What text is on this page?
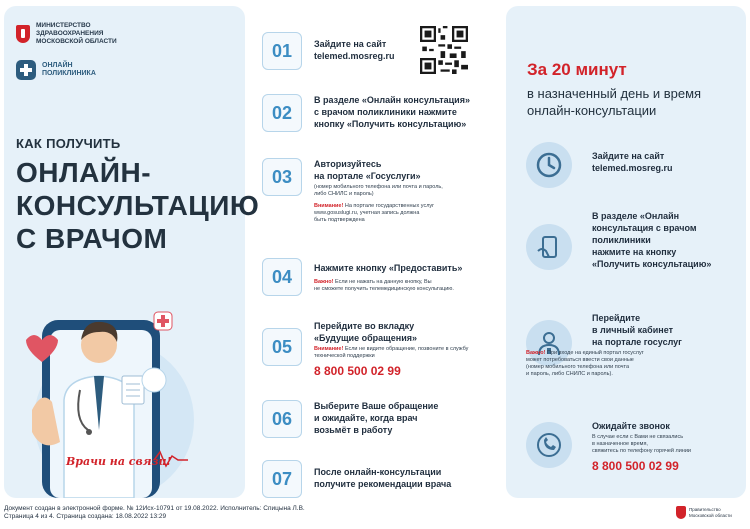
МИНИСТЕРСТВО
ЗДРАВООХРАНЕНИЯ
МОСКОВСКОЙ ОБЛАСТИ
ОНЛАЙН
ПОЛИКЛИНИКА
КАК ПОЛУЧИТЬ
ОНЛАЙН-
КОНСУЛЬТАЦИЮ
С ВРАЧОМ
Врачи на связи!
01	Зайдите на сайт
telemed.mosreg.ru
02
В разделе «Онлайн консультация»
с врачом поликлиники нажмите
кнопку «Получить консультацию»
03
Авторизуйтесь
на портале «Госуслуги»
(номер мобильного телефона или почта и пароль,
либо СНИЛС и пароль)
Внимание! На портале государственных услуг
www.gosuslugi.ru, учетная запись должна
быть подтверждена
04	Нажмите кнопку «Предоставить»
Важно! Если не нажать на данную кнопку, Вы
не сможете получить телемедицинскую консультацию.
05
Перейдите во вкладку
«Будущие обращения»
Внимание! Если не видите обращение, позвоните в службу
технической поддержки
8 800 500 02 99
06
Выберите Ваше обращение
и ожидайте, когда врач
возьмёт в работу
07	После онлайн-консультации
получите рекомендации врача
За 20 минут
в назначенный день и время
онлайн-консультации
Зайдите на сайт
telemed.mosreg.ru
В разделе «Онлайн
консультация с врачом
поликлиники
нажмите на кнопку
«Получить консультацию»
Перейдите
в личный кабинет
на портале госуслуг
Важно! При входе на единый портал госуслуг
может потребоваться ввести свои данные
(номер мобильного телефона или почта
и пароль, либо СНИЛС и пароль).
Ожидайте звонок
В случае если с Вами не связались
в назначенное время,
свяжитесь по телефону горячей линии
8 800 500 02 99
Документ создан в электронной форме. № 12Исх-10791 от 19.08.2022. Исполнитель: Спицына Л.В.
Страница 4 из 4. Страница создана: 18.08.2022 13:29
Правительство
Московской области
